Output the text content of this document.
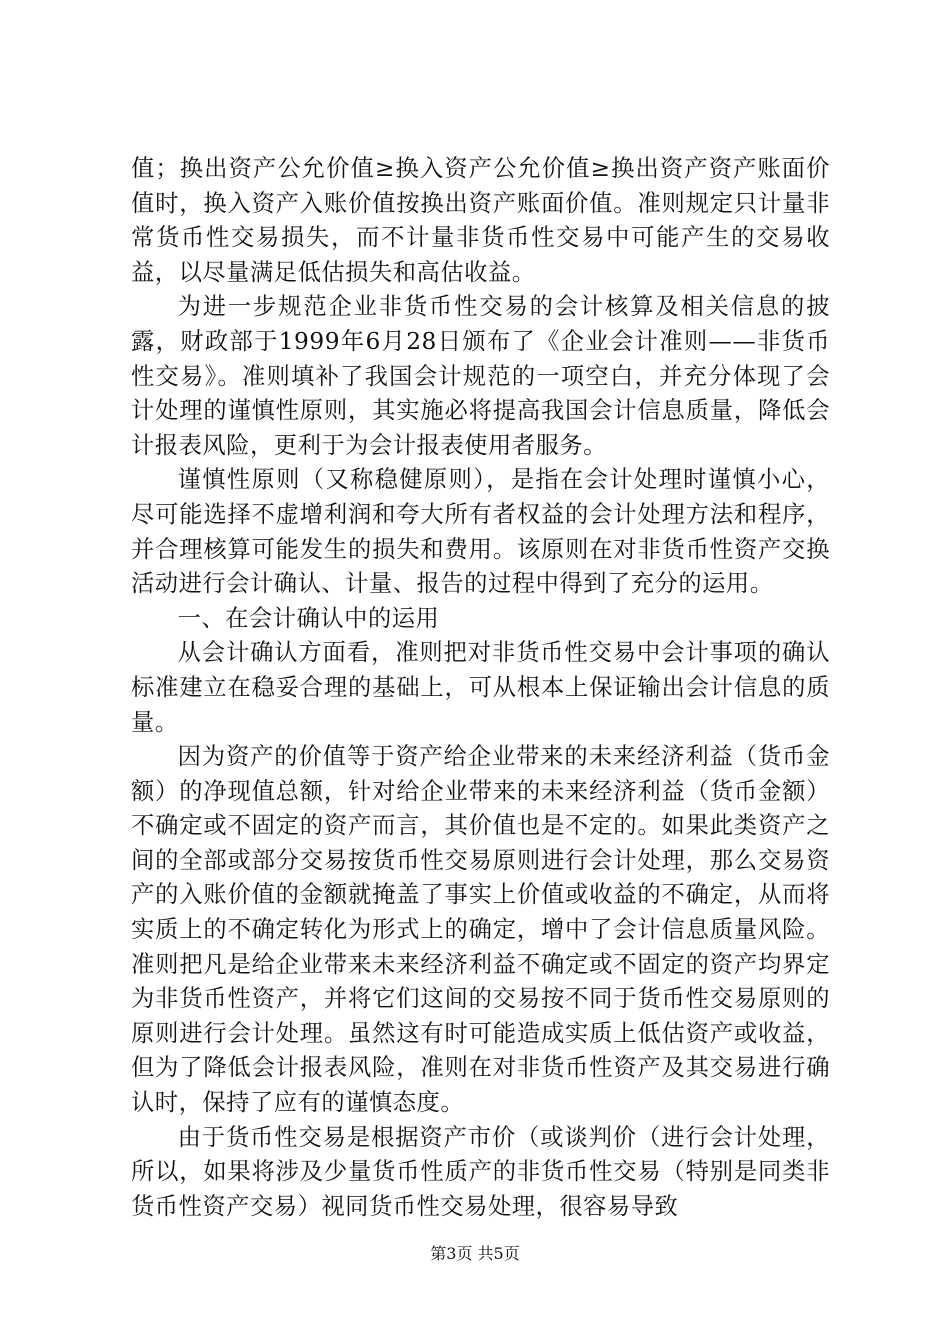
值；换出资产公允价值≥换入资产公允价值≥换出资产资产账面价值时，换入资产入账价值按换出资产账面价值。准则规定只计量非常货币性交易损失，而不计量非货币性交易中可能产生的交易收益，以尽量满足低估损失和高估收益。

为进一步规范企业非货币性交易的会计核算及相关信息的披露，财政部于1999年6月28日颁布了《企业会计准则——非货币性交易》。准则填补了我国会计规范的一项空白，并充分体现了会计处理的谨慎性原则，其实施必将提高我国会计信息质量，降低会计报表风险，更利于为会计报表使用者服务。

谨慎性原则（又称稳健原则），是指在会计处理时谨慎小心，尽可能选择不虚增利润和夸大所有者权益的会计处理方法和程序，并合理核算可能发生的损失和费用。该原则在对非货币性资产交换活动进行会计确认、计量、报告的过程中得到了充分的运用。

一、在会计确认中的运用

从会计确认方面看，准则把对非货币性交易中会计事项的确认标准建立在稳妥合理的基础上，可从根本上保证输出会计信息的质量。

因为资产的价值等于资产给企业带来的未来经济利益（货币金额）的净现值总额，针对给企业带来的未来经济利益（货币金额）不确定或不固定的资产而言，其价值也是不定的。如果此类资产之间的全部或部分交易按货币性交易原则进行会计处理，那么交易资产的入账价值的金额就掩盖了事实上价值或收益的不确定，从而将实质上的不确定转化为形式上的确定，增中了会计信息质量风险。准则把凡是给企业带来未来经济利益不确定或不固定的资产均界定为非货币性资产，并将它们这间的交易按不同于货币性交易原则的原则进行会计处理。虽然这有时可能造成实质上低估资产或收益，但为了降低会计报表风险，准则在对非货币性资产及其交易进行确认时，保持了应有的谨慎态度。

由于货币性交易是根据资产市价（或谈判价（进行会计处理，所以，如果将涉及少量货币性质产的非货币性交易（特别是同类非货币性资产交易）视同货币性交易处理，很容易导致

第3页 共5页
